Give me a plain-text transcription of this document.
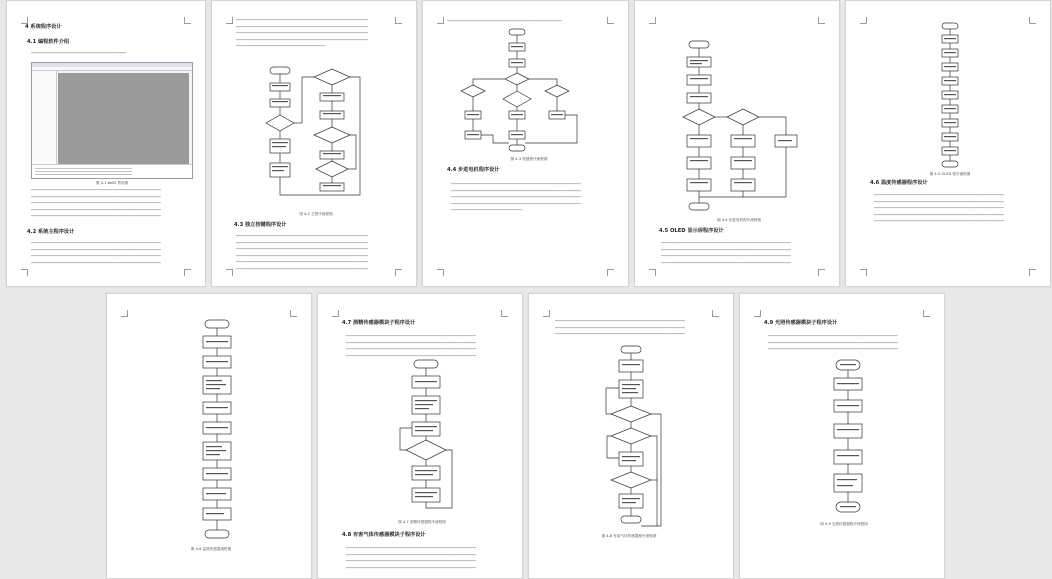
4 系统程序设计
4.1 编程软件介绍
━━━━━━━━━━━━━━━━━━━━━━━━━━━━━━━━━━━━━━━━━━━━
图 4-1 Keil5 界面图
━━━━━━━━━━━━━━━━━━━━━━━━━━━━━━━━━━━━━━━━━━━━━━━━━━━━━━━━━━━━
━━━━━━━━━━━━━━━━━━━━━━━━━━━━━━━━━━━━━━━━━━━━━━━━━━━━━━━━━━━━
━━━━━━━━━━━━━━━━━━━━━━━━━━━━━━━━━━━━━━━━━━━━━━━━━━━━━━━━━━━━
━━━━━━━━━━━━━━━━━━━━━━━━━━━━━━━━━━━━━━━━━━━━━━━━━━━━━━━━━━━━
━━━━━━━━━━━━━━━━━━━━━━━━━━━━━━━━━━━━━━━━━━━━━━━━━━━━━━━━━━━━
4.2 系统主程序设计
━━━━━━━━━━━━━━━━━━━━━━━━━━━━━━━━━━━━━━━━━━━━━━━━━━━━━━━━━━━━
━━━━━━━━━━━━━━━━━━━━━━━━━━━━━━━━━━━━━━━━━━━━━━━━━━━━━━━━━━━━
━━━━━━━━━━━━━━━━━━━━━━━━━━━━━━━━━━━━━━━━━━━━━━━━━━━━━━━━━━━━
━━━━━━━━━━━━━━━━━━━━━━━━━━━━━━━━━━━━━━━━━━━━━━━━━━━━━━━━━━━━
━━━━━━━━━━━━━━━━━━━━━━━━━━━━━━━━━━━━━━━━━━━━━━━━━━━━━━━━━━━━━
━━━━━━━━━━━━━━━━━━━━━━━━━━━━━━━━━━━━━━━━━━━━━━━━━━━━━━━━━━━━━
━━━━━━━━━━━━━━━━━━━━━━━━━━━━━━━━━━━━━━━━━━━━━━━━━━━━━━━━━━━━━
━━━━━━━━━━━━━━━━━━━━━━━━━━━━━━━━━━━━━━━━━━━━━━━━━━━━━━━━━━━━━
━━━━━━━━━━━━━━━━━━━━━━━━━━━━━━━━━━━━━━━━━
图 4-2 主程序流程图
4.3 独立按键程序设计
━━━━━━━━━━━━━━━━━━━━━━━━━━━━━━━━━━━━━━━━━━━━━━━━━━━━━━━━━━━━━
━━━━━━━━━━━━━━━━━━━━━━━━━━━━━━━━━━━━━━━━━━━━━━━━━━━━━━━━━━━━━
━━━━━━━━━━━━━━━━━━━━━━━━━━━━━━━━━━━━━━━━━━━━━━━━━━━━━━━━━━━━━
━━━━━━━━━━━━━━━━━━━━━━━━━━━━━━━━━━━━━━━━━━━━━━━━━━━━━━━━━━━━━
━━━━━━━━━━━━━━━━━━━━━━━━━━━━━━━━━━━━━━━━━━━━━━━━━━━━━━━━━━━━━
━━━━━━━━━━━━━━━━━━━━━━━━━━━━━━━━━━━━━━━━━━━━━━━━━━━━━━━━━━━━━
━━━━━━━━━━━━━━━━━━━━━━━━━━━━━━━━━━━━━━━━━━━━━━━━━━━━━
图 4-3 按键程序流程图
4.4 步进电机程序设计
━━━━━━━━━━━━━━━━━━━━━━━━━━━━━━━━━━━━━━━━━━━━━━━━━━━━━━━━━━━━
━━━━━━━━━━━━━━━━━━━━━━━━━━━━━━━━━━━━━━━━━━━━━━━━━━━━━━━━━━━━
━━━━━━━━━━━━━━━━━━━━━━━━━━━━━━━━━━━━━━━━━━━━━━━━━━━━━━━━━━━━
━━━━━━━━━━━━━━━━━━━━━━━━━━━━━━━━━━━━━━━━━━━━━━━━━━━━━━━━━━━━
━━━━━━━━━━━━━━━━━━━━━━━━━━━━━━━━━
图 4-4 步进电机程序流程图
4.5 OLED 显示屏程序设计
━━━━━━━━━━━━━━━━━━━━━━━━━━━━━━━━━━━━━━━━━━━━━━━━━━━━━━━━━━━━
━━━━━━━━━━━━━━━━━━━━━━━━━━━━━━━━━━━━━━━━━━━━━━━━━━━━━━━━━━━━
━━━━━━━━━━━━━━━━━━━━━━━━━━━━━━━━━━━━━━━━━━━━━━━━━━━━━━━━━━━━
━━━━━━━━━━━━━━━━━━━━━━━━━━━━━━━━━━━━━━━━━━━━━━━━━━━━━━━━━━━━
图 4-5 OLED 程序流程图
4.6 温度传感器程序设计
━━━━━━━━━━━━━━━━━━━━━━━━━━━━━━━━━━━━━━━━━━━━━━━━━━━━━━━━━━━━
━━━━━━━━━━━━━━━━━━━━━━━━━━━━━━━━━━━━━━━━━━━━━━━━━━━━━━━━━━━━
━━━━━━━━━━━━━━━━━━━━━━━━━━━━━━━━━━━━━━━━━━━━━━━━━━━━━━━━━━━━
━━━━━━━━━━━━━━━━━━━━━━━━━━━━━━━━━━━━━━━━━━━━━━━━━━━━━━━━━━━━
━━━━━━━━━━━━━━━━━━━━━━━━━━━━━━━━━━━━━━━━━━━━━━━━━━━━━━━━━━━━
图 4-6 温度传感器流程图
4.7 酒精传感器模块子程序设计
━━━━━━━━━━━━━━━━━━━━━━━━━━━━━━━━━━━━━━━━━━━━━━━━━━━━━━━━━━━━
━━━━━━━━━━━━━━━━━━━━━━━━━━━━━━━━━━━━━━━━━━━━━━━━━━━━━━━━━━━━
━━━━━━━━━━━━━━━━━━━━━━━━━━━━━━━━━━━━━━━━━━━━━━━━━━━━━━━━━━━━
━━━━━━━━━━━━━━━━━━━━━━━━━━━━━━━━━━━━━━━━━━━━━━━━━━━━━━━━━━━━
图 4-7 酒精传感器程序流程图
4.8 有害气体传感器模块子程序设计
━━━━━━━━━━━━━━━━━━━━━━━━━━━━━━━━━━━━━━━━━━━━━━━━━━━━━━━━━━━━
━━━━━━━━━━━━━━━━━━━━━━━━━━━━━━━━━━━━━━━━━━━━━━━━━━━━━━━━━━━━
━━━━━━━━━━━━━━━━━━━━━━━━━━━━━━━━━━━━━━━━━━━━━━━━━━━━━━━━━━━━
━━━━━━━━━━━━━━━━━━━━━━━━━━━━━━━━━━━━━━━━━━━━━━━━━━━━━━━━━━━━
━━━━━━━━━━━━━━━━━━━━━━━━━━━━━━━━━━━━━━━━━━━━━━━━━━━━━━━━━━━━
━━━━━━━━━━━━━━━━━━━━━━━━━━━━━━━━━━━━━━━━━━━━━━━━━━━━━━━━━━━━
━━━━━━━━━━━━━━━━━━━━━━━━━━━━━━━━━━━━━━━━━━━━━━━━━━━━━━━━━━━━
图 4-8 有害气体传感器程序流程图
4.9 光照传感器模块子程序设计
━━━━━━━━━━━━━━━━━━━━━━━━━━━━━━━━━━━━━━━━━━━━━━━━━━━━━━━━━━━━
━━━━━━━━━━━━━━━━━━━━━━━━━━━━━━━━━━━━━━━━━━━━━━━━━━━━━━━━━━━━
━━━━━━━━━━━━━━━━━━━━━━━━━━━━━━━━━━━━━━━━━━━━━━━━━━━━━━━━━━━━
图 4-9 光照传感器程序流程图
